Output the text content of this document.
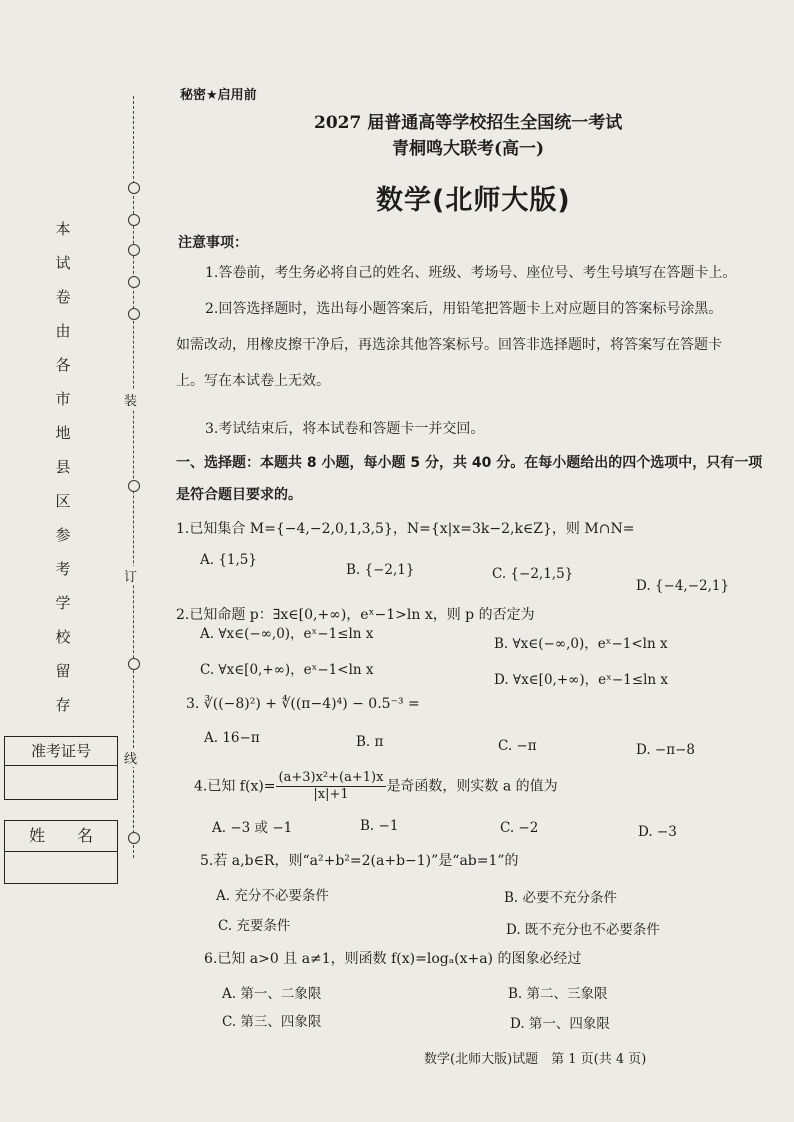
秘密★启用前
2027 届普通高等学校招生全国统一考试
青桐鸣大联考(高一)
数学(北师大版)
装
订
线
本
试
卷
由
各
市
地
县
区
参
考
学
校
留
存
准考证号
姓　　名
注意事项：
1.答卷前，考生务必将自己的姓名、班级、考场号、座位号、考生号填写在答题卡上。
2.回答选择题时，选出每小题答案后，用铅笔把答题卡上对应题目的答案标号涂黑。
如需改动，用橡皮擦干净后，再选涂其他答案标号。回答非选择题时，将答案写在答题卡
上。写在本试卷上无效。
3.考试结束后，将本试卷和答题卡一并交回。
一、选择题：本题共 8 小题，每小题 5 分，共 40 分。在每小题给出的四个选项中，只有一项
是符合题目要求的。
1.已知集合 M={−4,−2,0,1,3,5}，N={x|x=3k−2,k∈Z}，则 M∩N=
A. {1,5}
B. {−2,1}	C. {−2,1,5}
D. {−4,−2,1}
2.已知命题 p：∃x∈[0,+∞)，eˣ−1>ln x，则 p 的否定为
A. ∀x∈(−∞,0)，eˣ−1≤ln x
B. ∀x∈(−∞,0)，eˣ−1<ln x
C. ∀x∈[0,+∞)，eˣ−1<ln x
D. ∀x∈[0,+∞)，eˣ−1≤ln x
3. ∛((−8)²) + ∜((π−4)⁴) − 0.5⁻³ =
A. 16−π	B. π	C. −π	D. −π−8
4.已知 $f(x)= \frac{\text{(a+3)x²+(a+1)x}}{|x|+1}$ 是奇函数，则实数 a 的值为
A. −3 或 −1	B. −1	C. −2	D. −3
5.若 a,b∈R，则“a²+b²=2(a+b−1)”是“ab=1”的
A. 充分不必要条件	B. 必要不充分条件
C. 充要条件	D. 既不充分也不必要条件
6.已知 a>0 且 a≠1，则函数 f(x)=logₐ(x+a) 的图象必经过
A. 第一、二象限	B. 第二、三象限
C. 第三、四象限	D. 第一、四象限
数学(北师大版)试题　第 1 页(共 4 页)
